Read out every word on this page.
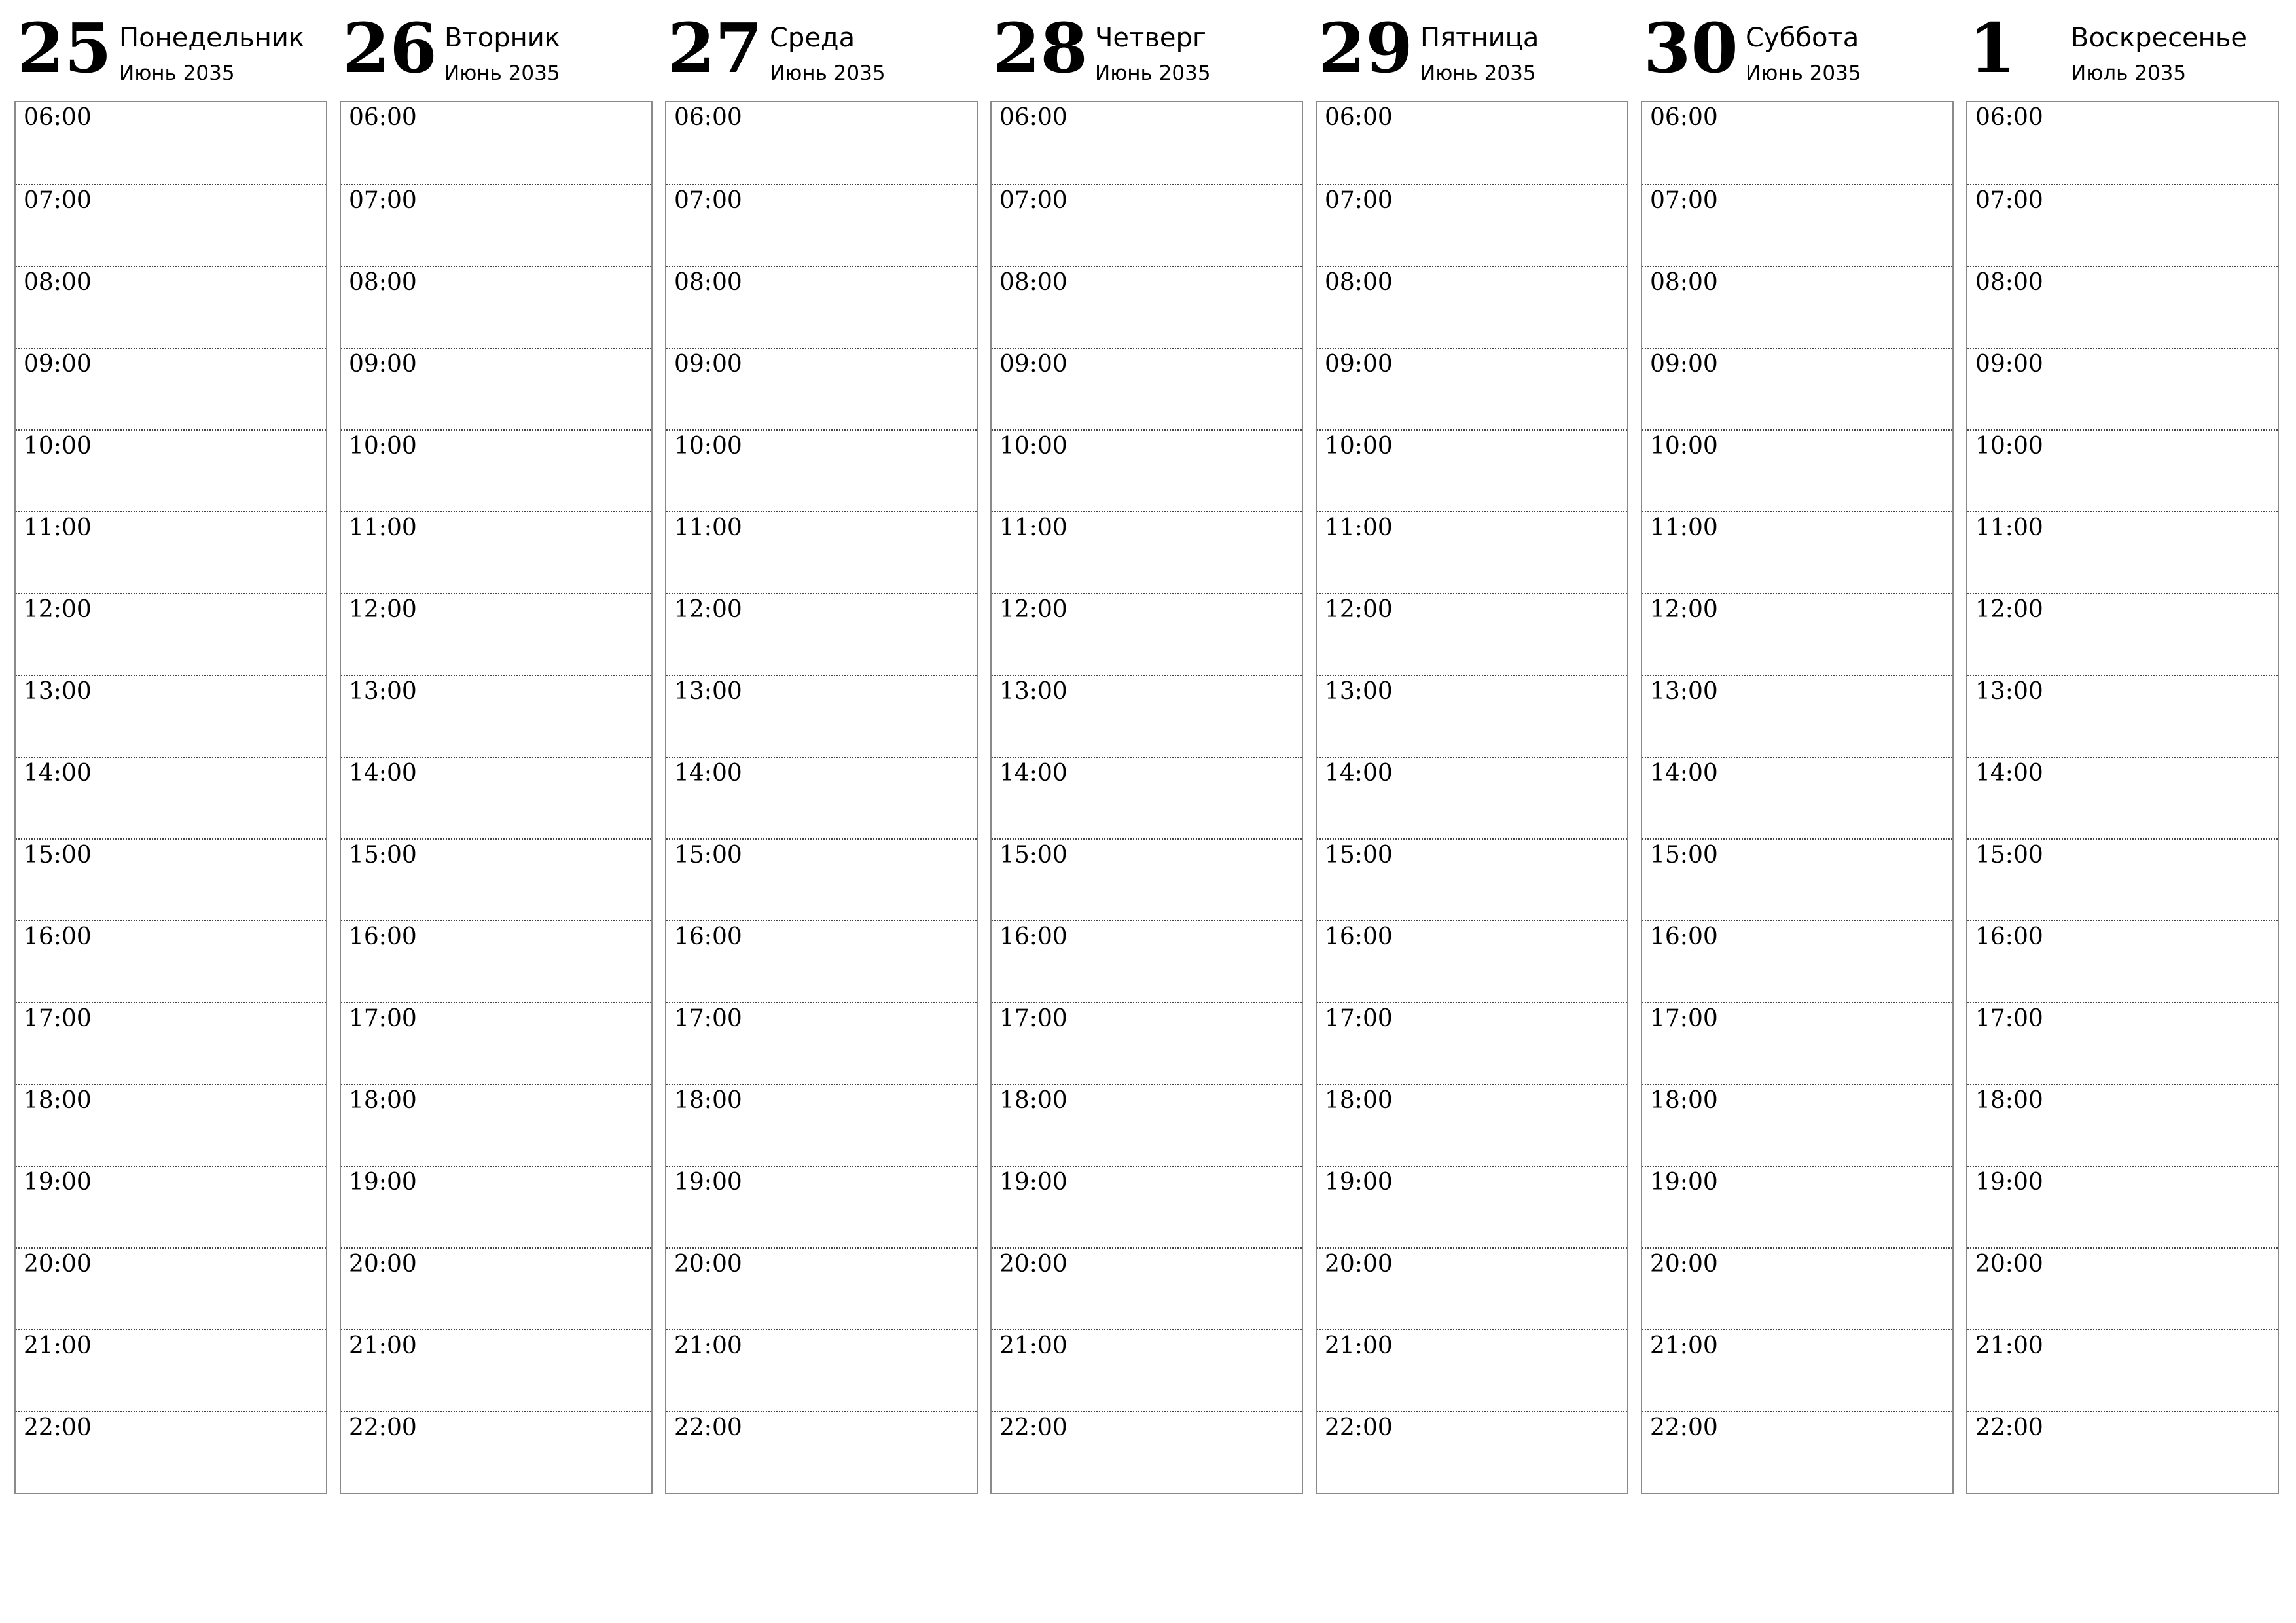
25 Понедельник
Июнь 2035
06:00
07:00
08:00
09:00
10:00
11:00
12:00
13:00
14:00
15:00
16:00
17:00
18:00
19:00
20:00
21:00
22:00
26 Вторник
Июнь 2035
06:00
07:00
08:00
09:00
10:00
11:00
12:00
13:00
14:00
15:00
16:00
17:00
18:00
19:00
20:00
21:00
22:00
27 Среда
Июнь 2035
06:00
07:00
08:00
09:00
10:00
11:00
12:00
13:00
14:00
15:00
16:00
17:00
18:00
19:00
20:00
21:00
22:00
28 Четверг
Июнь 2035
06:00
07:00
08:00
09:00
10:00
11:00
12:00
13:00
14:00
15:00
16:00
17:00
18:00
19:00
20:00
21:00
22:00
29 Пятница
Июнь 2035
06:00
07:00
08:00
09:00
10:00
11:00
12:00
13:00
14:00
15:00
16:00
17:00
18:00
19:00
20:00
21:00
22:00
30 Суббота
Июнь 2035
06:00
07:00
08:00
09:00
10:00
11:00
12:00
13:00
14:00
15:00
16:00
17:00
18:00
19:00
20:00
21:00
22:00
1 Воскресенье
Июль 2035
06:00
07:00
08:00
09:00
10:00
11:00
12:00
13:00
14:00
15:00
16:00
17:00
18:00
19:00
20:00
21:00
22:00
